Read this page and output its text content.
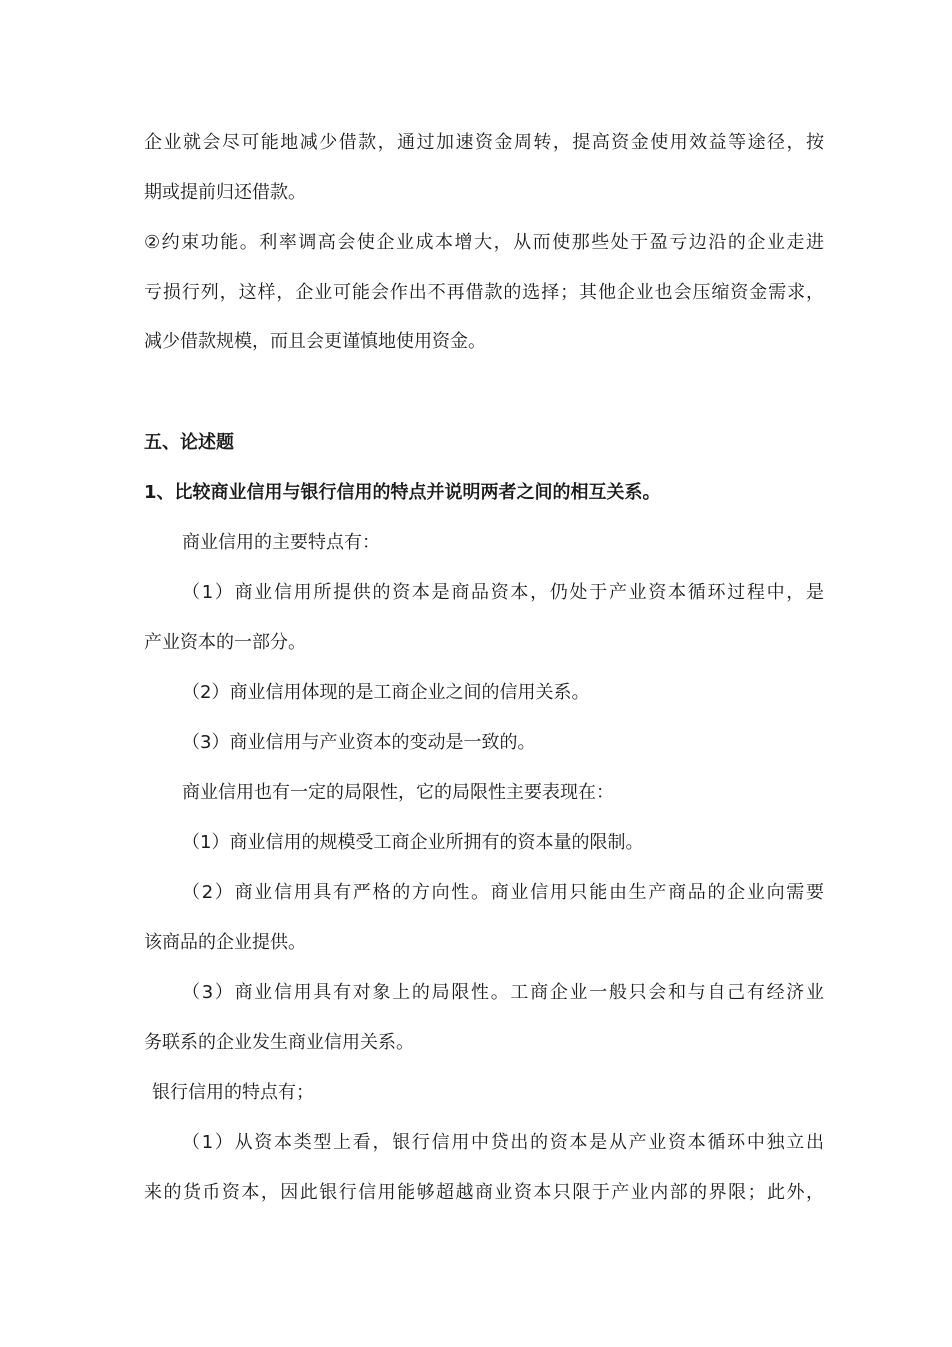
企业就会尽可能地减少借款，通过加速资金周转，提高资金使用效益等途径，按
期或提前归还借款。
②约束功能。利率调高会使企业成本增大，从而使那些处于盈亏边沿的企业走进
亏损行列，这样，企业可能会作出不再借款的选择；其他企业也会压缩资金需求，
减少借款规模，而且会更谨慎地使用资金。
五、论述题
1、比较商业信用与银行信用的特点并说明两者之间的相互关系。
商业信用的主要特点有：
（1）商业信用所提供的资本是商品资本，仍处于产业资本循环过程中，是
产业资本的一部分。
（2）商业信用体现的是工商企业之间的信用关系。
（3）商业信用与产业资本的变动是一致的。
商业信用也有一定的局限性，它的局限性主要表现在：
（1）商业信用的规模受工商企业所拥有的资本量的限制。
（2）商业信用具有严格的方向性。商业信用只能由生产商品的企业向需要
该商品的企业提供。
（3）商业信用具有对象上的局限性。工商企业一般只会和与自己有经济业
务联系的企业发生商业信用关系。
银行信用的特点有；
（1）从资本类型上看，银行信用中贷出的资本是从产业资本循环中独立出
来的货币资本，因此银行信用能够超越商业资本只限于产业内部的界限；此外，
